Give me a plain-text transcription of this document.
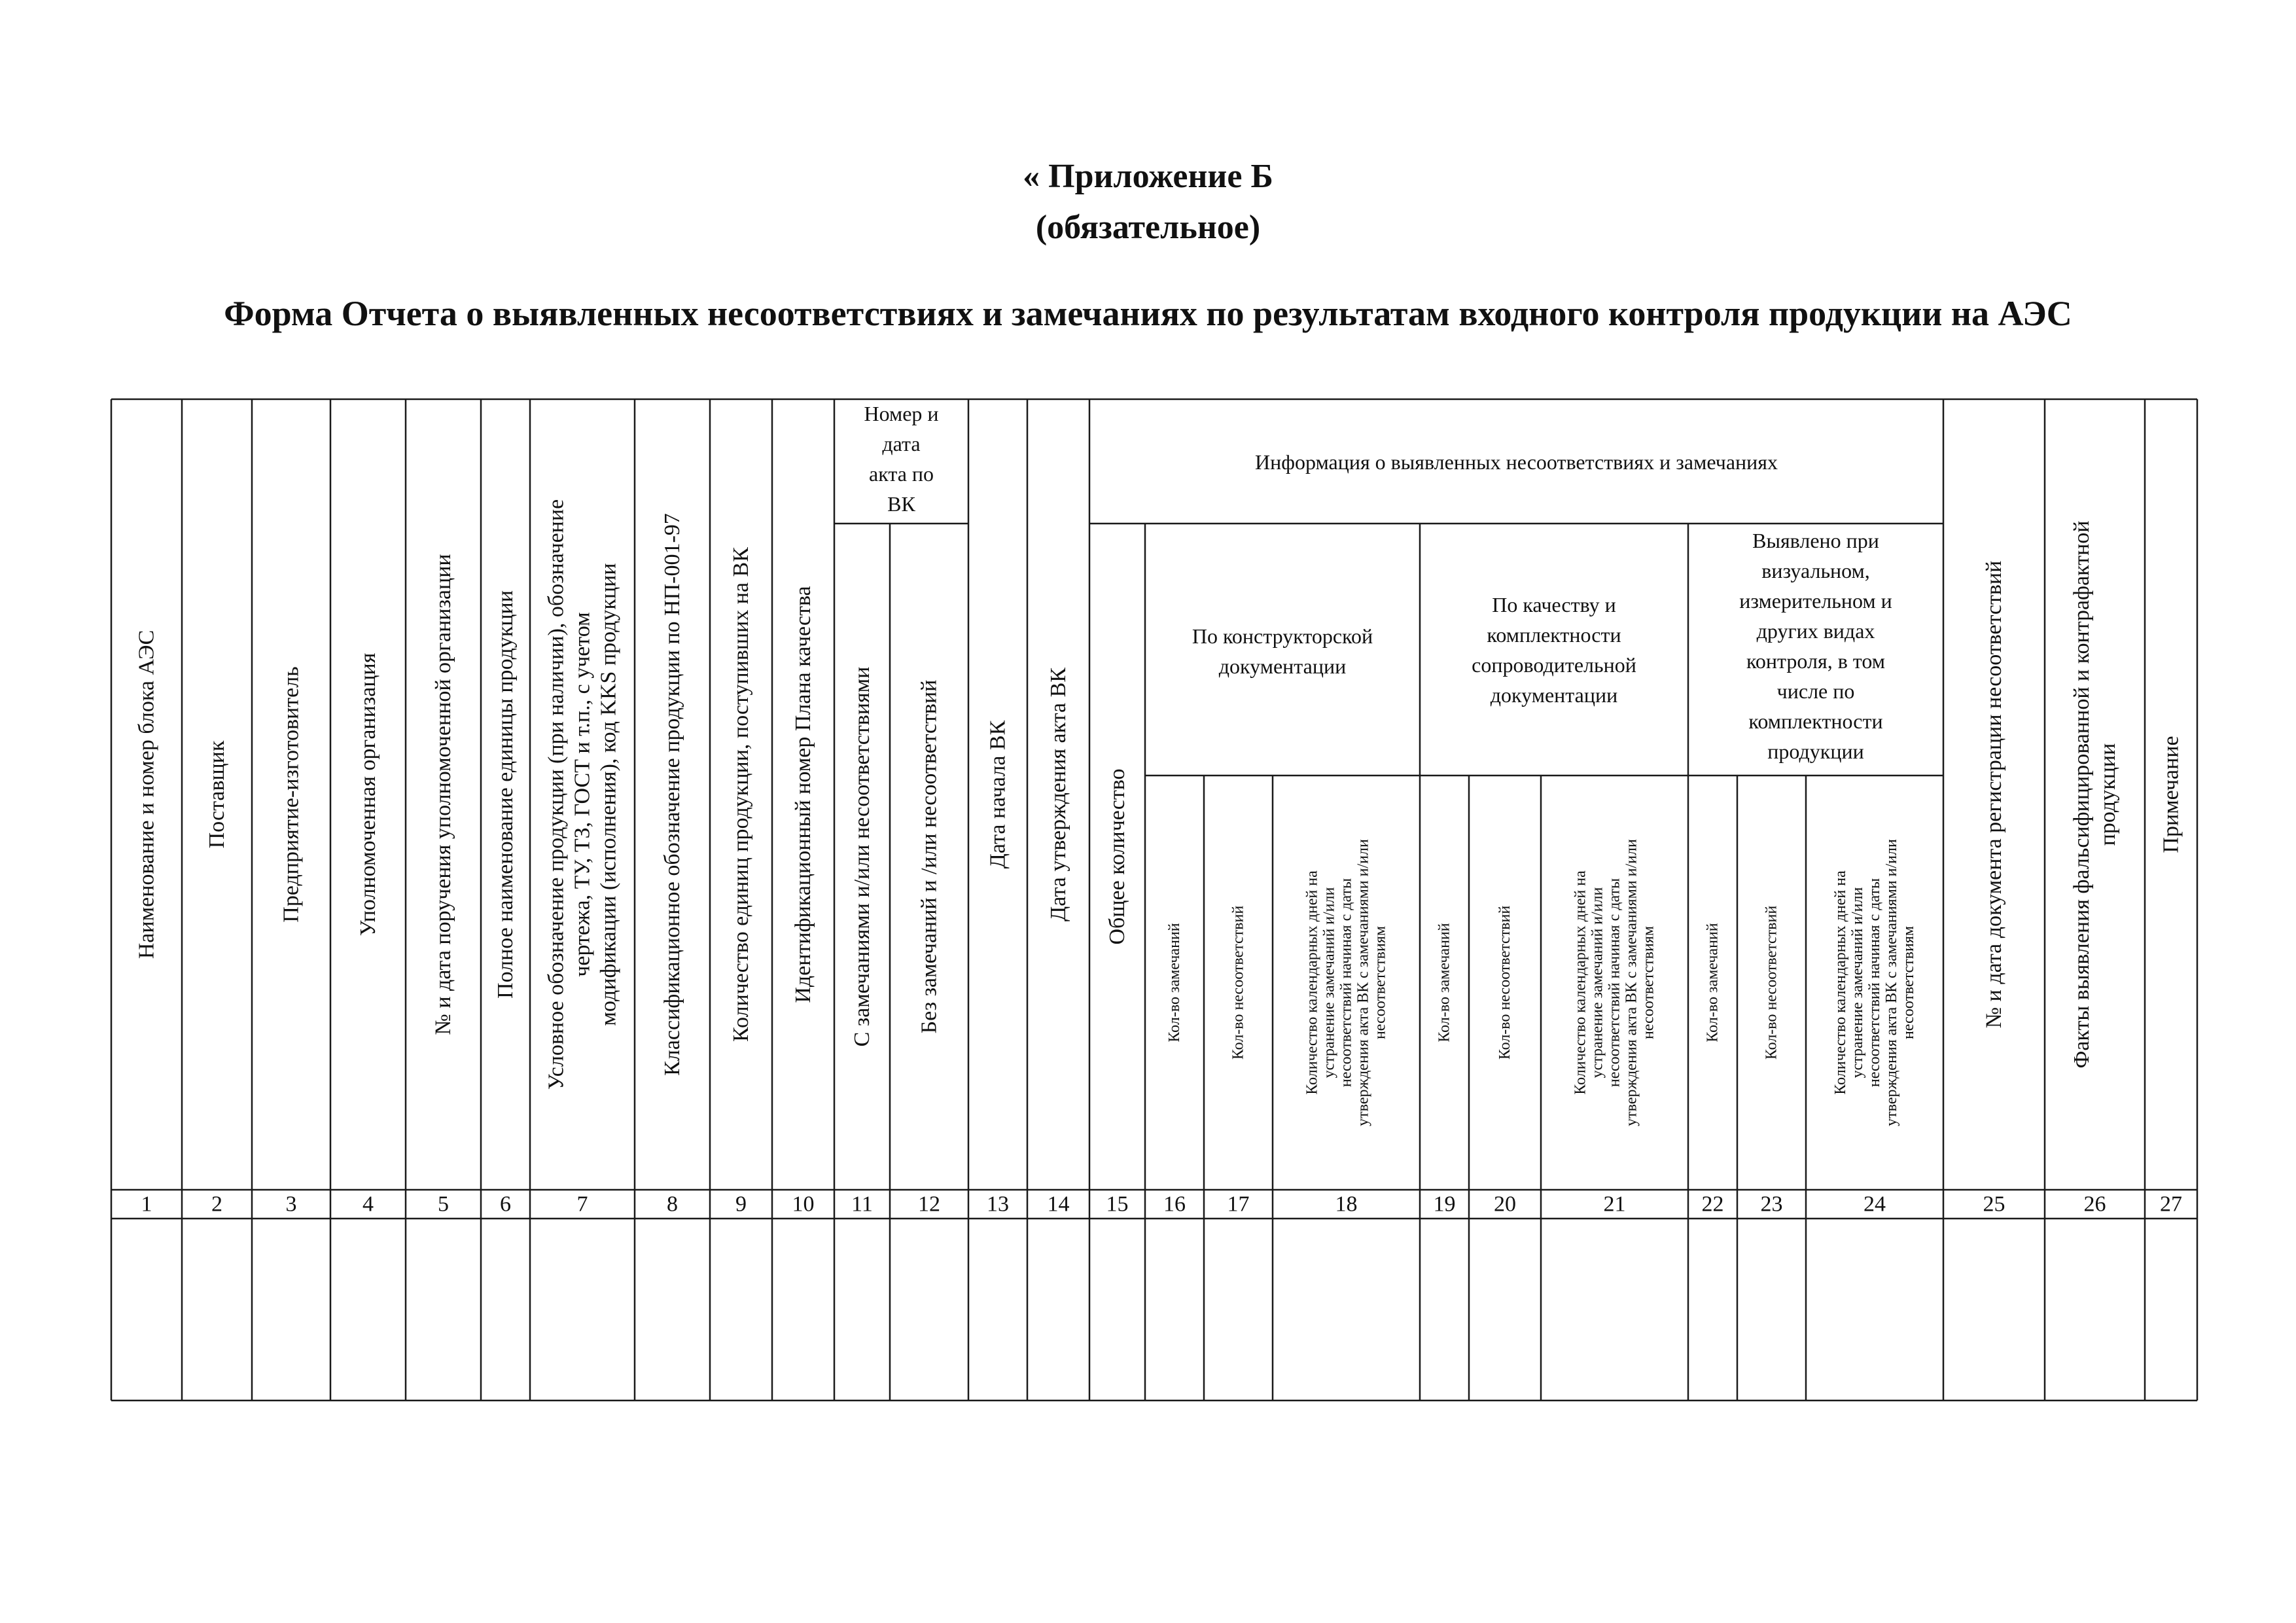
« Приложение Б
(обязательное)
Форма Отчета о выявленных несоответствиях и замечаниях по результатам входного контроля продукции на АЭС
Номер и
дата
акта по
ВК
Информация о выявленных несоответствиях и замечаниях
По конструкторской
документации
По качеству и
комплектности
сопроводительной
документации
Выявлено при
визуальном,
измерительном и
других видах
контроля, в том
числе по
комплектности
продукции
Наименование и номер блока АЭС
1
Поставщик
2
Предприятие-изготовитель
3
Уполномоченная организация
4
№ и дата поручения уполномоченной организации
5
Полное наименование единицы продукции
6
Условное обозначение продукции (при наличии), обозначение чертежа, ТУ, ТЗ, ГОСТ и т.п., с учетом модификации (исполнения), код KKS продукции
7
Классификационное обозначение продукции по НП-001-97
8
Количество единиц продукции, поступивших на ВК
9
Идентификационный номер Плана качества
10
С замечаниями и/или несоответствиями
11
Без замечаний и /или несоответствий
12
Дата начала ВК
13
Дата утверждения акта ВК
14
Общее количество
15
Кол-во замечаний
16
Кол-во несоответствий
17
Количество календарных дней на устранение замечаний и/или несоответствий начиная с даты утверждения акта ВК с замечаниями и/или несоответствиям
18
Кол-во замечаний
19
Кол-во несоответствий
20
Количество календарных дней на устранение замечаний и/или несоответствий начиная с даты утверждения акта ВК с замечаниями и/или несоответствиям
21
Кол-во замечаний
22
Кол-во несоответствий
23
Количество календарных дней на устранение замечаний и/или несоответствий начиная с даты утверждения акта ВК с замечаниями и/или несоответствиям
24
№ и дата документа регистрации несоответствий
25
Факты выявления фальсифицированной и контрафактной продукции
26
Примечание
27
